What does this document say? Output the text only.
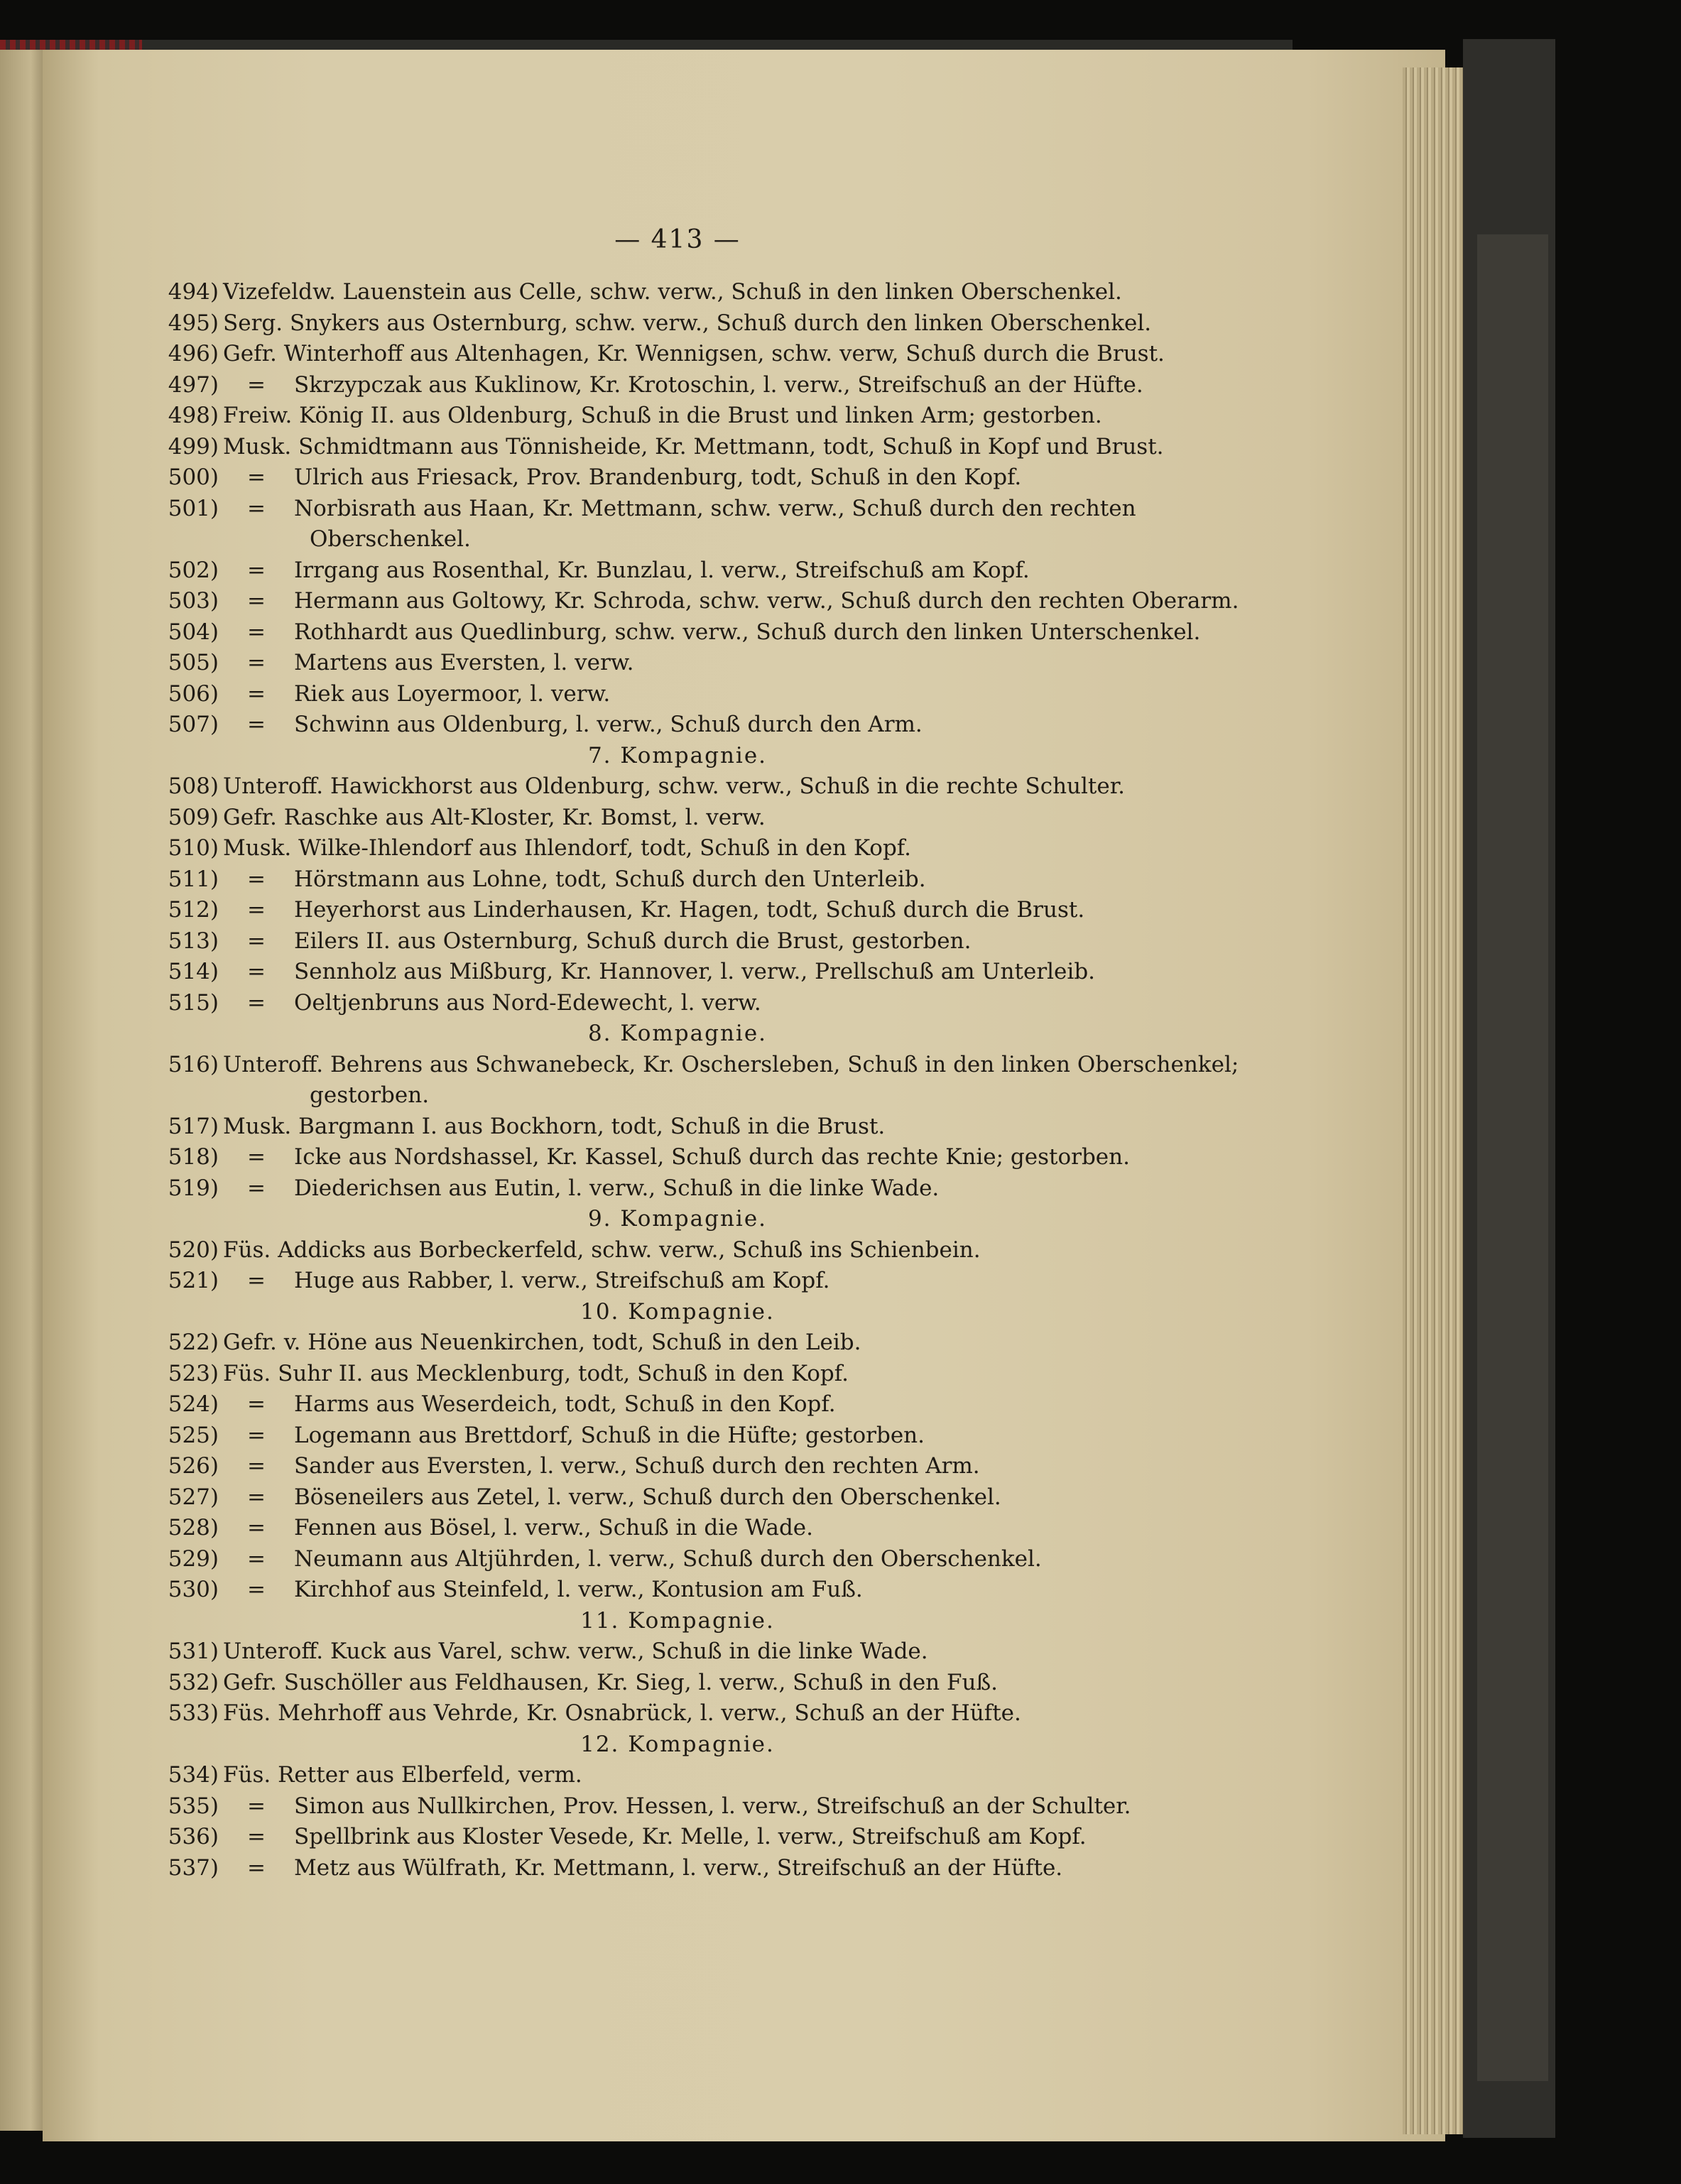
— 413 —
494) Vizefeldw. Lauenstein aus Celle, schw. verw., Schuß in den linken Oberschenkel.
495) Serg. Snykers aus Osternburg, schw. verw., Schuß durch den linken Oberschenkel.
496) Gefr. Winterhoff aus Altenhagen, Kr. Wennigsen, schw. verw, Schuß durch die Brust.
497) = Skrzypczak aus Kuklinow, Kr. Krotoschin, l. verw., Streifschuß an der Hüfte.
498) Freiw. König II. aus Oldenburg, Schuß in die Brust und linken Arm; gestorben.
499) Musk. Schmidtmann aus Tönnisheide, Kr. Mettmann, todt, Schuß in Kopf und Brust.
500) = Ulrich aus Friesack, Prov. Brandenburg, todt, Schuß in den Kopf.
501) = Norbisrath aus Haan, Kr. Mettmann, schw. verw., Schuß durch den rechten
Oberschenkel.
502) = Irrgang aus Rosenthal, Kr. Bunzlau, l. verw., Streifschuß am Kopf.
503) = Hermann aus Goltowy, Kr. Schroda, schw. verw., Schuß durch den rechten Oberarm.
504) = Rothhardt aus Quedlinburg, schw. verw., Schuß durch den linken Unterschenkel.
505) = Martens aus Eversten, l. verw.
506) = Riek aus Loyermoor, l. verw.
507) = Schwinn aus Oldenburg, l. verw., Schuß durch den Arm.
7. Kompagnie.
508) Unteroff. Hawickhorst aus Oldenburg, schw. verw., Schuß in die rechte Schulter.
509) Gefr. Raschke aus Alt-Kloster, Kr. Bomst, l. verw.
510) Musk. Wilke-Ihlendorf aus Ihlendorf, todt, Schuß in den Kopf.
511) = Hörstmann aus Lohne, todt, Schuß durch den Unterleib.
512) = Heyerhorst aus Linderhausen, Kr. Hagen, todt, Schuß durch die Brust.
513) = Eilers II. aus Osternburg, Schuß durch die Brust, gestorben.
514) = Sennholz aus Mißburg, Kr. Hannover, l. verw., Prellschuß am Unterleib.
515) = Oeltjenbruns aus Nord-Edewecht, l. verw.
8. Kompagnie.
516) Unteroff. Behrens aus Schwanebeck, Kr. Oschersleben, Schuß in den linken Oberschenkel;
gestorben.
517) Musk. Bargmann I. aus Bockhorn, todt, Schuß in die Brust.
518) = Icke aus Nordshassel, Kr. Kassel, Schuß durch das rechte Knie; gestorben.
519) = Diederichsen aus Eutin, l. verw., Schuß in die linke Wade.
9. Kompagnie.
520) Füs. Addicks aus Borbeckerfeld, schw. verw., Schuß ins Schienbein.
521) = Huge aus Rabber, l. verw., Streifschuß am Kopf.
10. Kompagnie.
522) Gefr. v. Höne aus Neuenkirchen, todt, Schuß in den Leib.
523) Füs. Suhr II. aus Mecklenburg, todt, Schuß in den Kopf.
524) = Harms aus Weserdeich, todt, Schuß in den Kopf.
525) = Logemann aus Brettdorf, Schuß in die Hüfte; gestorben.
526) = Sander aus Eversten, l. verw., Schuß durch den rechten Arm.
527) = Böseneilers aus Zetel, l. verw., Schuß durch den Oberschenkel.
528) = Fennen aus Bösel, l. verw., Schuß in die Wade.
529) = Neumann aus Altjührden, l. verw., Schuß durch den Oberschenkel.
530) = Kirchhof aus Steinfeld, l. verw., Kontusion am Fuß.
11. Kompagnie.
531) Unteroff. Kuck aus Varel, schw. verw., Schuß in die linke Wade.
532) Gefr. Suschöller aus Feldhausen, Kr. Sieg, l. verw., Schuß in den Fuß.
533) Füs. Mehrhoff aus Vehrde, Kr. Osnabrück, l. verw., Schuß an der Hüfte.
12. Kompagnie.
534) Füs. Retter aus Elberfeld, verm.
535) = Simon aus Nullkirchen, Prov. Hessen, l. verw., Streifschuß an der Schulter.
536) = Spellbrink aus Kloster Vesede, Kr. Melle, l. verw., Streifschuß am Kopf.
537) = Metz aus Wülfrath, Kr. Mettmann, l. verw., Streifschuß an der Hüfte.
